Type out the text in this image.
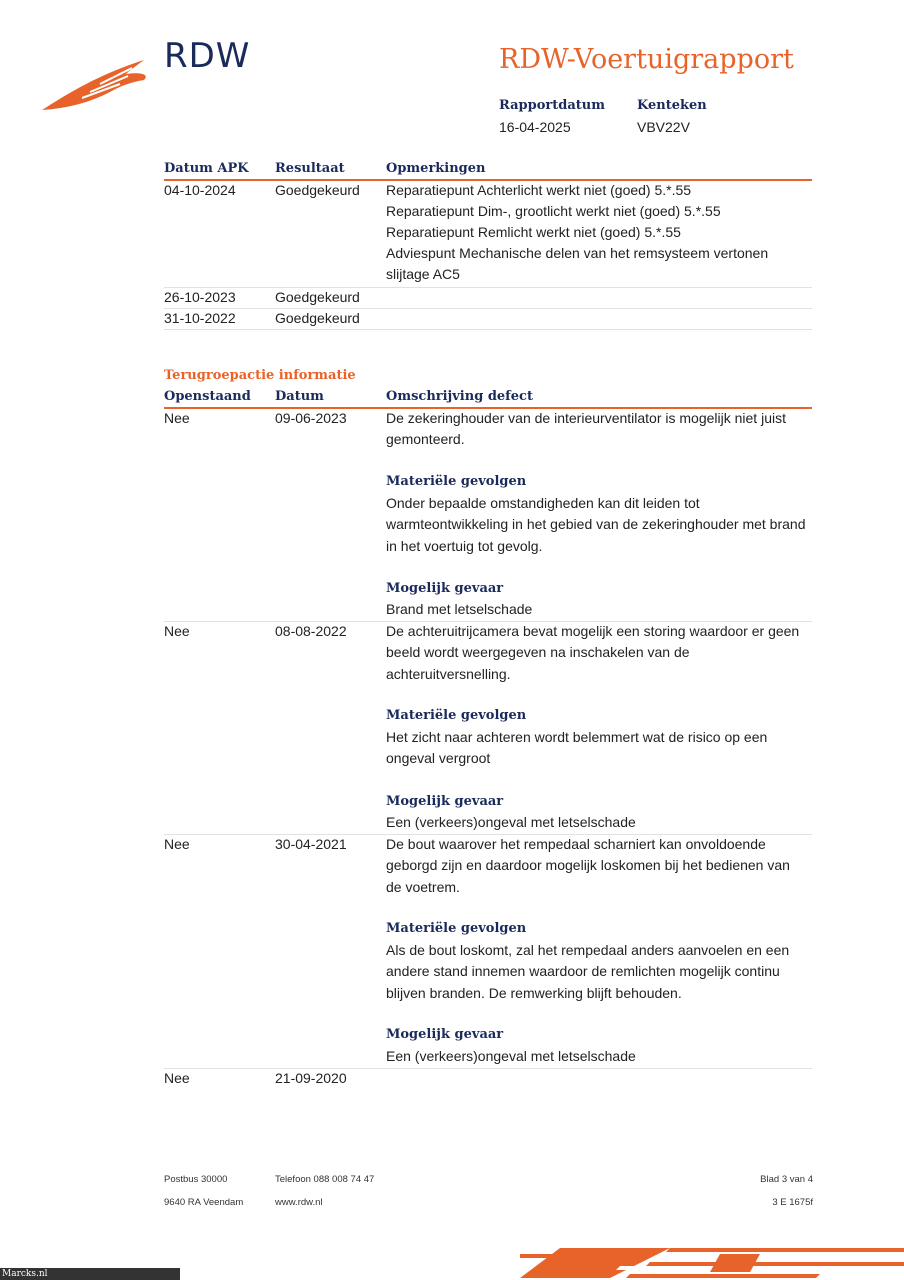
RDW	RDW-Voertuigrapport
Rapportdatum
16-04-2025
Kenteken
VBV22V
Datum APK Resultaat	Opmerkingen
04-10-2024	Goedgekeurd Reparatiepunt Achterlicht werkt niet (goed) 5.*.55
Reparatiepunt Dim-, grootlicht werkt niet (goed) 5.*.55
Reparatiepunt Remlicht werkt niet (goed) 5.*.55
Adviespunt Mechanische delen van het remsysteem vertonen slijtage AC5
26-10-2023	Goedgekeurd
31-10-2022	Goedgekeurd
Terugroepactie informatie
Openstaand Datum	Omschrijving defect
Nee	09-06-2023	De zekeringhouder van de interieurventilator is mogelijk niet juist gemonteerd.
Materiële gevolgen
Onder bepaalde omstandigheden kan dit leiden tot warmteontwikkeling in het gebied van de zekeringhouder met brand in het voertuig tot gevolg.
Mogelijk gevaar
Brand met letselschade
Nee	08-08-2022	De achteruitrijcamera bevat mogelijk een storing waardoor er geen beeld wordt weergegeven na inschakelen van de achteruitversnelling.
Materiële gevolgen
Het zicht naar achteren wordt belemmert wat de risico op een ongeval vergroot
Mogelijk gevaar
Een (verkeers)ongeval met letselschade
Nee	30-04-2021	De bout waarover het rempedaal scharniert kan onvoldoende geborgd zijn en daardoor mogelijk loskomen bij het bedienen van de voetrem.
Materiële gevolgen
Als de bout loskomt, zal het rempedaal anders aanvoelen en een andere stand innemen waardoor de remlichten mogelijk continu blijven branden. De remwerking blijft behouden.
Mogelijk gevaar
Een (verkeers)ongeval met letselschade
Nee	21-09-2020
Postbus 30000
9640 RA Veendam
Telefoon 088 008 74 47
www.rdw.nl
Blad 3 van 4
3 E 1675f
Marcks.nl
